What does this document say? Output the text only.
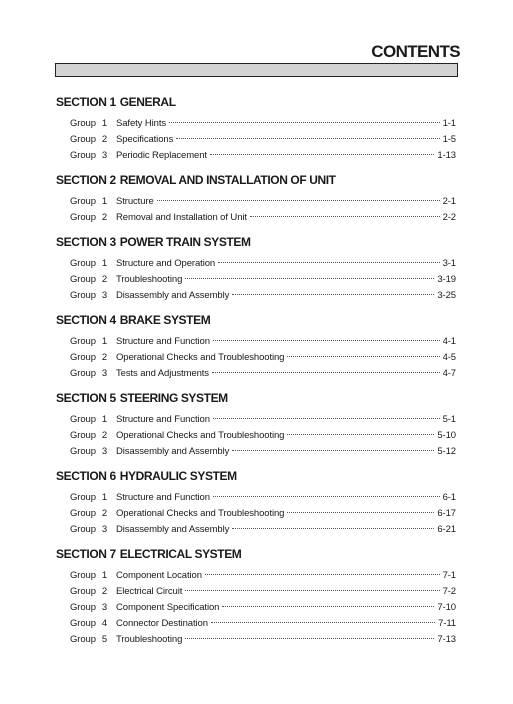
CONTENTS
SECTION 1 GENERAL
Group 1 Safety Hints	1-1
Group 2 Specifications	1-5
Group 3 Periodic Replacement	1-13
SECTION 2 REMOVAL AND INSTALLATION OF UNIT
Group 1 Structure	2-1
Group 2 Removal and Installation of Unit	2-2
SECTION 3 POWER TRAIN SYSTEM
Group 1 Structure and Operation	3-1
Group 2 Troubleshooting	3-19
Group 3 Disassembly and Assembly	3-25
SECTION 4 BRAKE SYSTEM
Group 1 Structure and Function	4-1
Group 2 Operational Checks and Troubleshooting	4-5
Group 3 Tests and Adjustments	4-7
SECTION 5 STEERING SYSTEM
Group 1 Structure and Function	5-1
Group 2 Operational Checks and Troubleshooting	5-10
Group 3 Disassembly and Assembly	5-12
SECTION 6 HYDRAULIC SYSTEM
Group 1 Structure and Function	6-1
Group 2 Operational Checks and Troubleshooting	6-17
Group 3 Disassembly and Assembly	6-21
SECTION 7 ELECTRICAL SYSTEM
Group 1 Component Location	7-1
Group 2 Electrical Circuit	7-2
Group 3 Component Specification	7-10
Group 4 Connector Destination	7-11
Group 5 Troubleshooting	7-13
